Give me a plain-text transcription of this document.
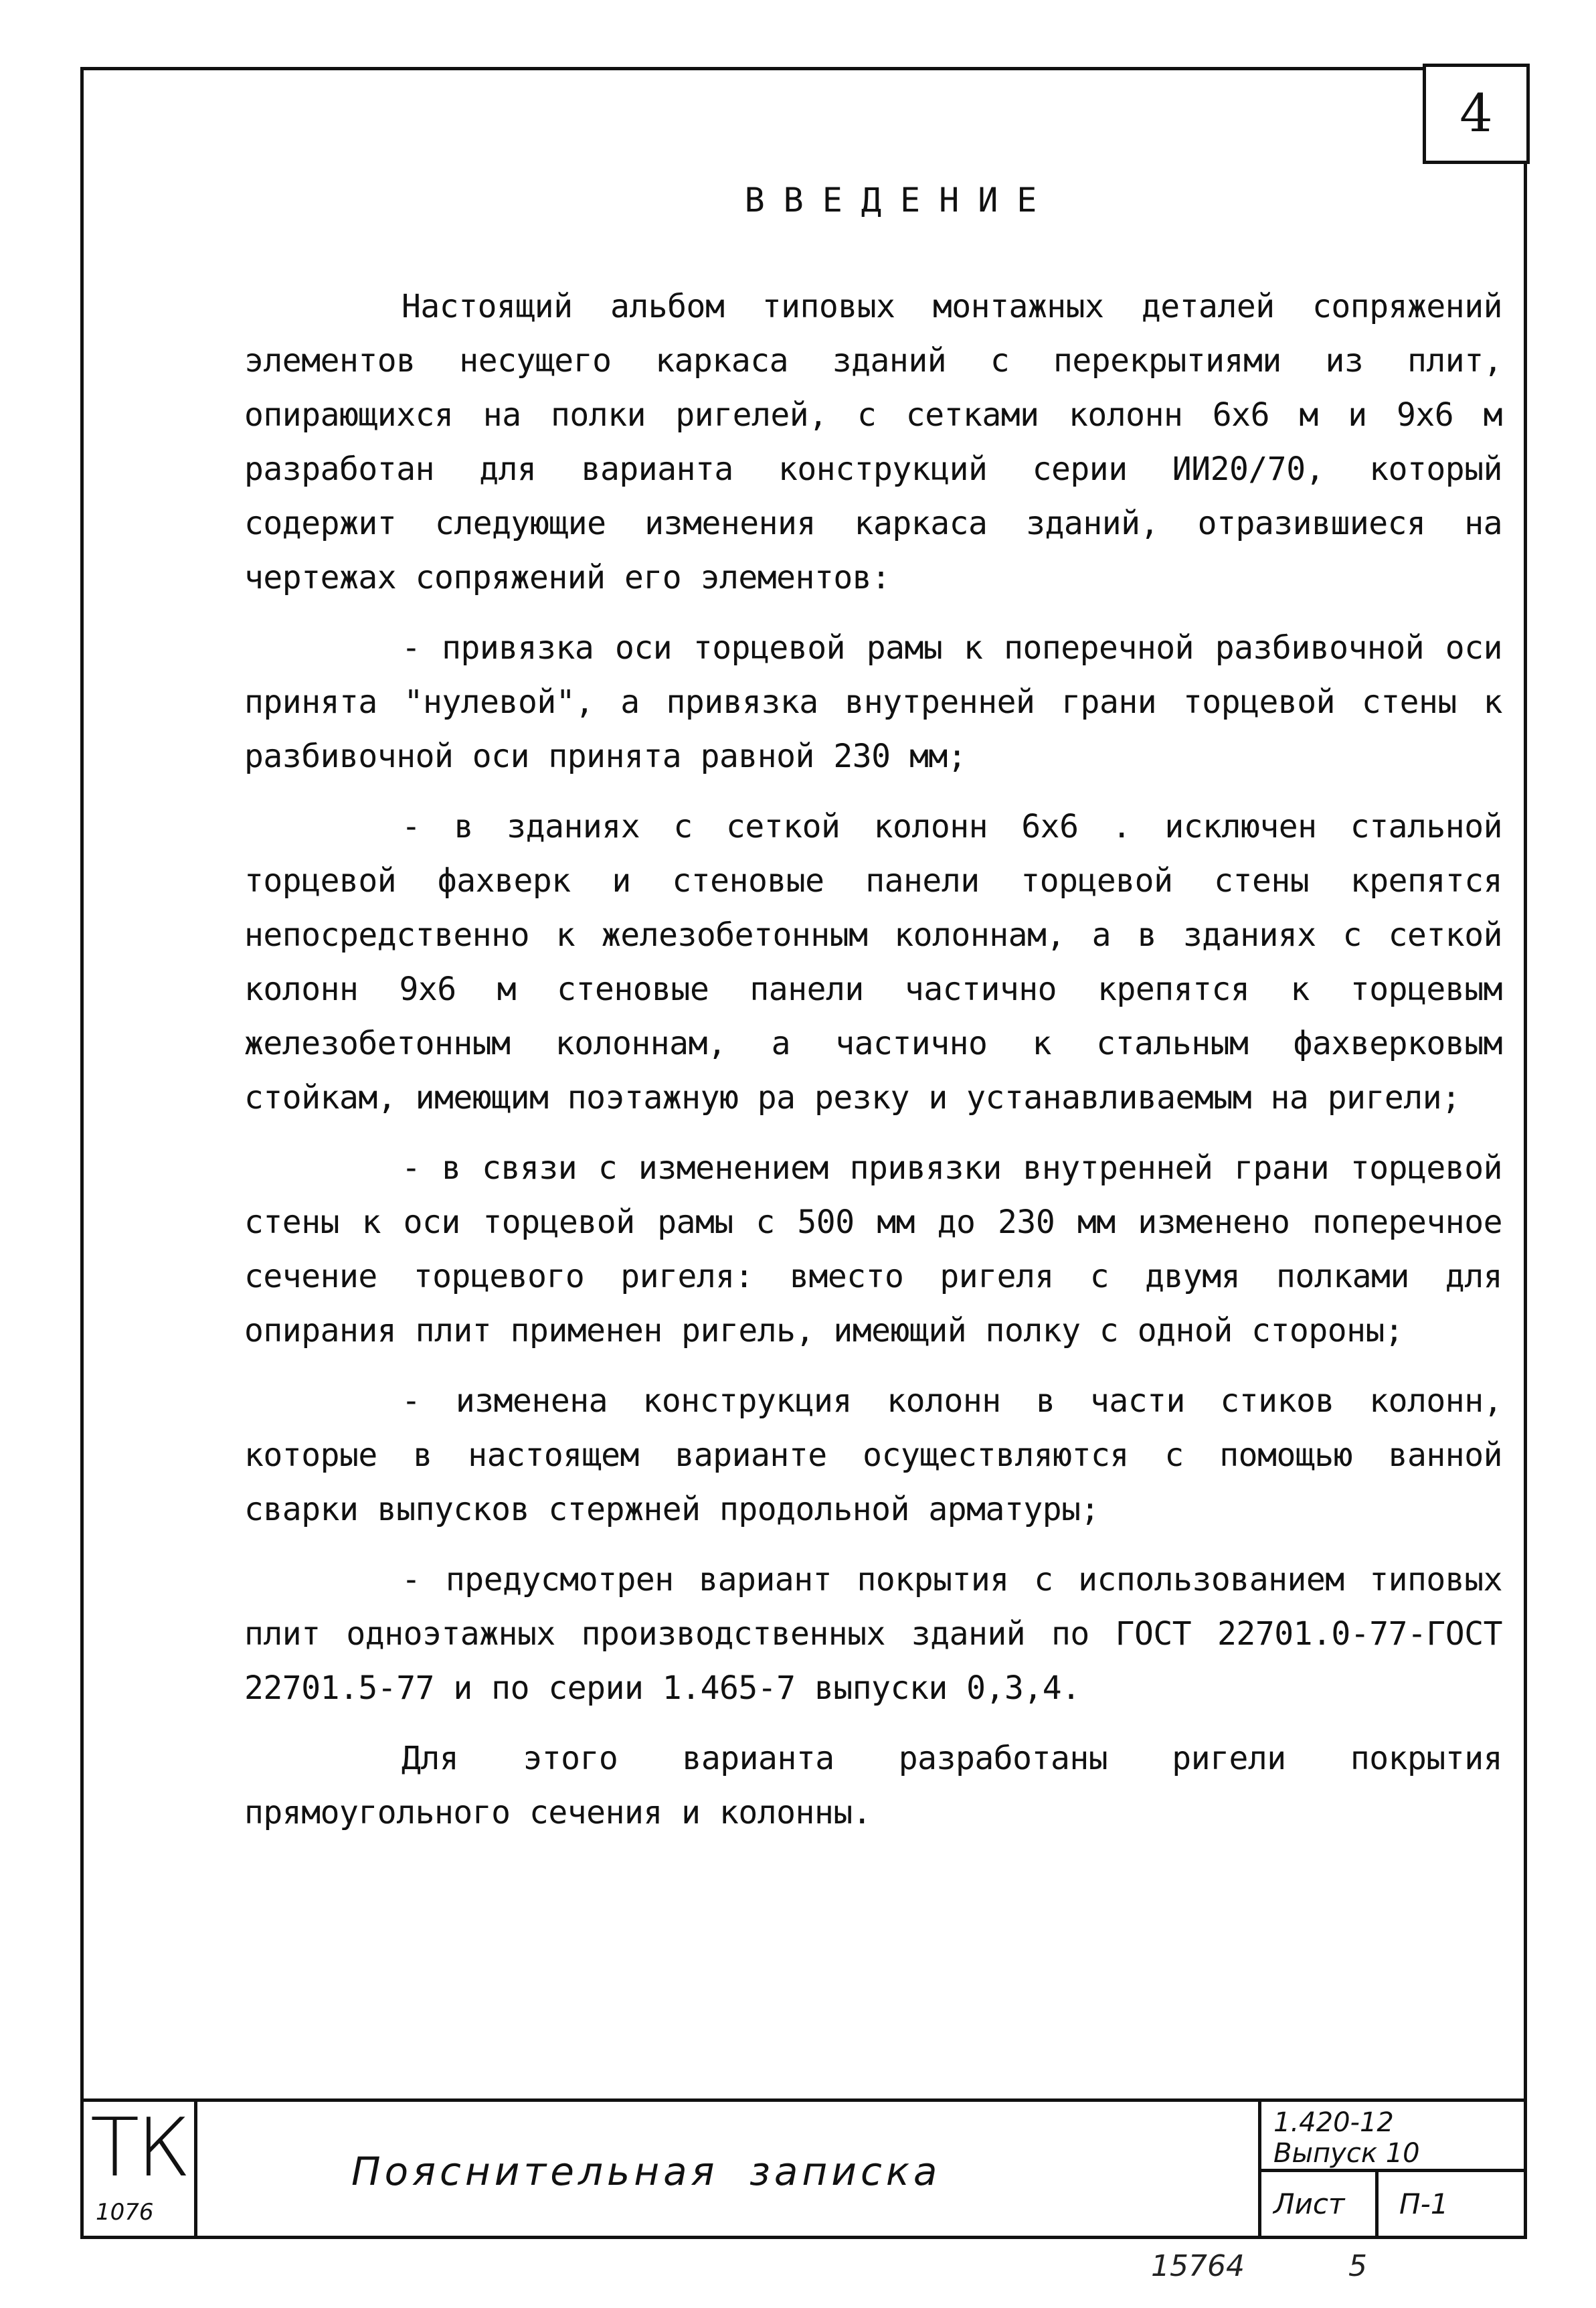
4
ВВЕДЕНИЕ

Настоящий альбом типовых монтажных деталей сопряжений элементов несущего каркаса зданий с перекрытиями из плит, опирающихся на полки ригелей, с сетками колонн 6х6 м и 9х6 м разработан для варианта конструкций серии ИИ20/70, который содержит следующие изменения каркаса зданий, отразившиеся на чертежах сопряжений его элементов:

- привязка оси торцевой рамы к поперечной разбивочной оси принята "нулевой", а привязка внутренней грани торцевой стены к разбивочной оси принята равной 230 мм;

- в зданиях с сеткой колонн 6х6 . исключен стальной торцевой фахверк и стеновые панели торцевой стены крепятся непосредственно к железобетонным колоннам, а в зданиях с сеткой колонн 9х6 м стеновые панели частично крепятся к торцевым железобетонным колоннам, а частично к стальным фахверковым стойкам, имеющим поэтажную ра резку и устанавливаемым на ригели;

- в связи с изменением привязки внутренней грани торцевой стены к оси торцевой рамы с 500 мм до 230 мм изменено поперечное сечение торцевого ригеля: вместо ригеля с двумя полками для опирания плит применен ригель, имеющий полку с одной стороны;

- изменена конструкция колонн в части стиков колонн, которые в настоящем варианте осуществляются с помощью ванной сварки выпусков стержней продольной арматуры;

- предусмотрен вариант покрытия с использованием типовых плит одноэтажных производственных зданий по ГОСТ 22701.0-77-ГОСТ 22701.5-77 и по серии 1.465-7 выпуски 0,3,4.

Для этого варианта разработаны ригели покрытия прямоугольного сечения и колонны.

ТК
1076
Пояснительная записка
1.420-12
Выпуск 10
Лист	П-1
15764	5
